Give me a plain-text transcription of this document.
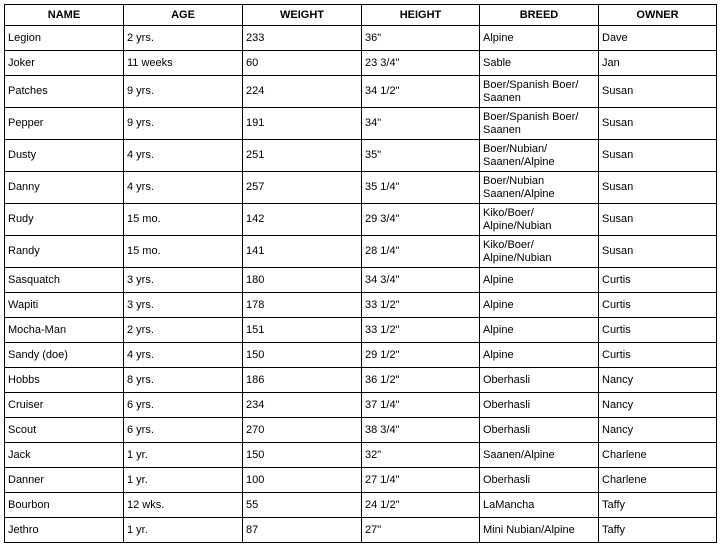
NAME	AGE	WEIGHT	HEIGHT	BREED	OWNER
Legion	2 yrs.	233	36"	Alpine	Dave
Joker	11 weeks	60	23 3/4"	Sable	Jan
Patches	9 yrs.	224	34 1/2"	Boer/Spanish Boer/ Saanen	Susan
Pepper	9 yrs.	191	34"	Boer/Spanish Boer/ Saanen	Susan
Dusty	4 yrs.	251	35"	Boer/Nubian/ Saanen/Alpine	Susan
Danny	4 yrs.	257	35 1/4"	Boer/Nubian Saanen/Alpine	Susan
Rudy	15 mo.	142	29 3/4"	Kiko/Boer/ Alpine/Nubian	Susan
Randy	15 mo.	141	28 1/4"	Kiko/Boer/ Alpine/Nubian	Susan
Sasquatch	3 yrs.	180	34 3/4"	Alpine	Curtis
Wapiti	3 yrs.	178	33 1/2"	Alpine	Curtis
Mocha-Man	2 yrs.	151	33 1/2"	Alpine	Curtis
Sandy (doe)	4 yrs.	150	29 1/2"	Alpine	Curtis
Hobbs	8 yrs.	186	36 1/2"	Oberhasli	Nancy
Cruiser	6 yrs.	234	37 1/4"	Oberhasli	Nancy
Scout	6 yrs.	270	38 3/4"	Oberhasli	Nancy
Jack	1 yr.	150	32"	Saanen/Alpine	Charlene
Danner	1 yr.	100	27 1/4"	Oberhasli	Charlene
Bourbon	12 wks.	55	24 1/2"	LaMancha	Taffy
Jethro	1 yr.	87	27"	Mini Nubian/Alpine	Taffy
